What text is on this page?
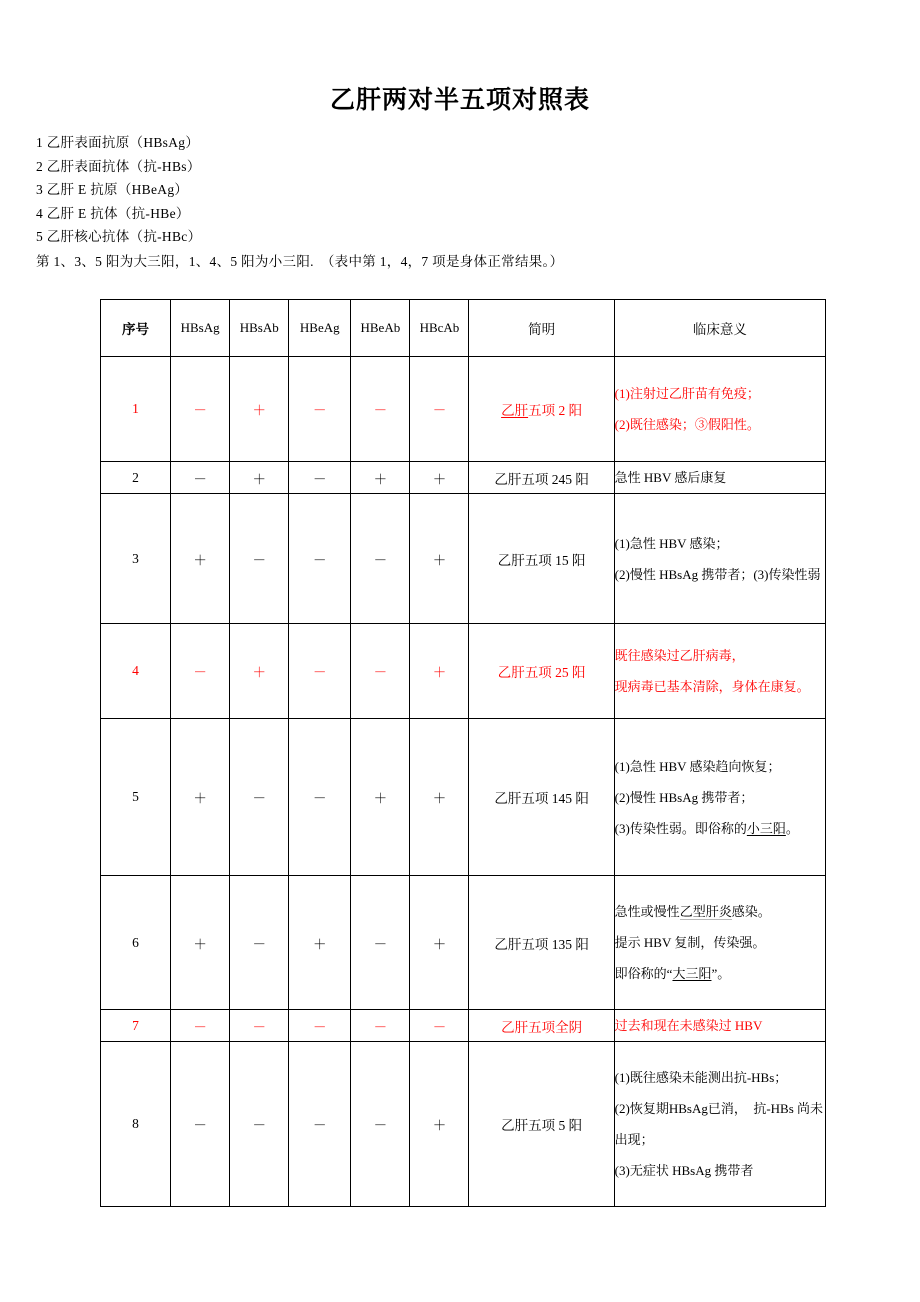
乙肝两对半五项对照表
1 乙肝表面抗原（HBsAg）
2 乙肝表面抗体（抗-HBs）
3 乙肝 E 抗原（HBeAg）
4 乙肝 E 抗体（抗-HBe）
5 乙肝核心抗体（抗-HBc）
第 1、3、5 阳为大三阳，1、4、5 阳为小三阳.　（表中第 1，4，7 项是身体正常结果。）
序号	HBsAg	HBsAb	HBeAg	HBeAb	HBcAb	简明	临床意义
1	－	＋	－	－	－	乙肝五项 2 阳	(1)注射过乙肝苗有免疫；
(2)既往感染；③假阳性。

2	－	＋	－	＋	＋	乙肝五项 245 阳	急性 HBV 感后康复

3	＋	－	－	－	＋	乙肝五项 15 阳	(1)急性 HBV 感染；
(2)慢性 HBsAg 携带者；(3)传染性弱

4	－	＋	－	－	＋	乙肝五项 25 阳	既往感染过乙肝病毒，
现病毒已基本清除，身体在康复。

5	＋	－	－	＋	＋	乙肝五项 145 阳	(1)急性 HBV 感染趋向恢复；
(2)慢性 HBsAg 携带者；
(3)传染性弱。即俗称的小三阳。

6	＋	－	＋	－	＋	乙肝五项 135 阳	急性或慢性乙型肝炎感染。
提示 HBV 复制，传染强。
即俗称的“大三阳”。

7	－	－	－	－	－	乙肝五项全阴	过去和现在未感染过 HBV

8	－	－	－	－	＋	乙肝五项 5 阳	(1)既往感染未能测出抗-HBs；
(2)恢复期HBsAg已消，　抗-HBs 尚未出现；
(3)无症状 HBsAg 携带者
